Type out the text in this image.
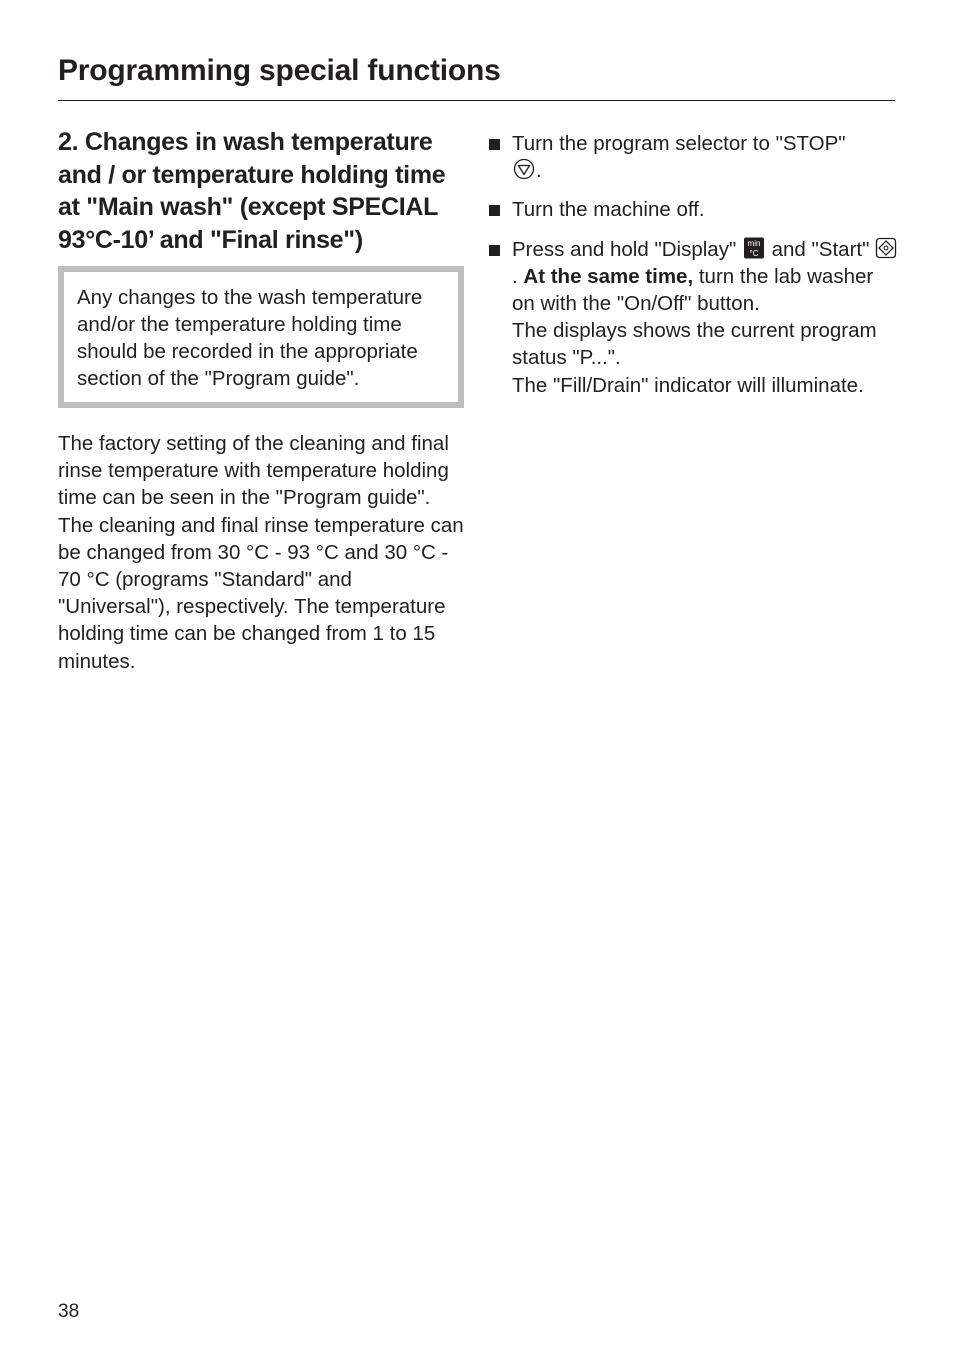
Programming special functions
2. Changes in wash temperature and / or temperature holding time at "Main wash" (except SPECIAL 93°C-10’ and "Final rinse")
Any changes to the wash temperature and/or the temperature holding time should be recorded in the appropriate section of the "Program guide".

The factory setting of the cleaning and final rinse temperature with temperature holding time can be seen in the "Program guide".
The cleaning and final rinse temperature can be changed from 30 °C - 93 °C and 30 °C - 70 °C (programs "Standard" and "Universal"), respectively. The temperature holding time can be changed from 1 to 15 minutes.

Turn the program selector to "STOP"
.
Turn the machine off.
Press and hold "Display" min
°C and "Start" . At the same time, turn the lab washer on with the "On/Off" button.
The displays shows the current program status "P...".
The "Fill/Drain" indicator will illuminate.
38
